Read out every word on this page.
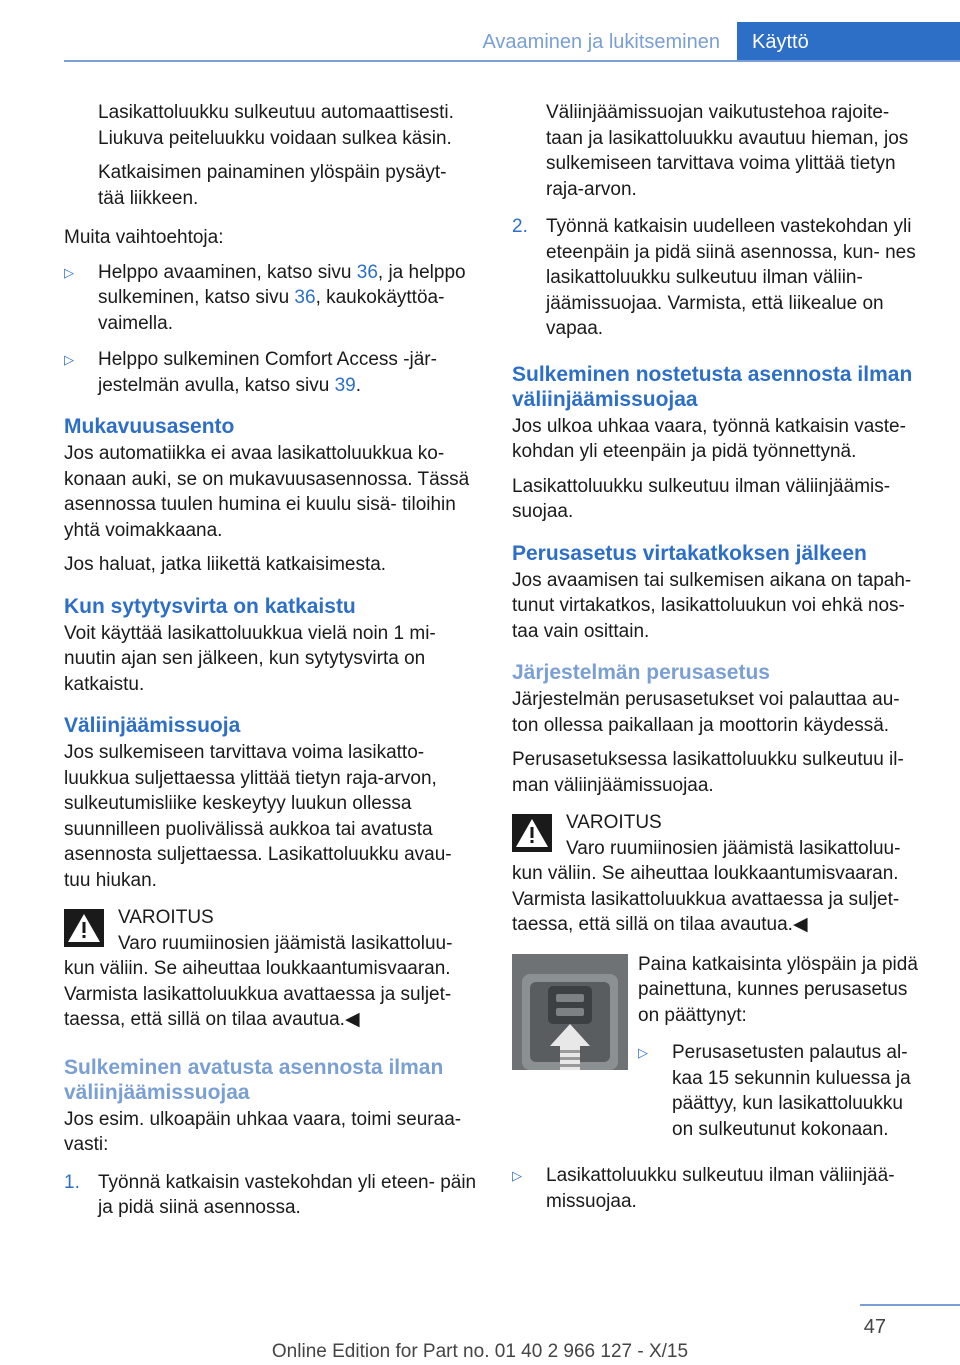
Avaaminen ja lukitseminen	Käyttö

Lasikattoluukku sulkeutuu automaattisesti. Liukuva peiteluukku voidaan sulkea käsin.

Katkaisimen painaminen ylöspäin pysäyt‐ tää liikkeen.

Muita vaihtoehtoja:

▷	Helppo avaaminen, katso sivu 36, ja helppo sulkeminen, katso sivu 36, kaukokäyttöa‐ vaimella.
▷	Helppo sulkeminen Comfort Access -jär‐ jestelmän avulla, katso sivu 39.
Mukavuusasento

Jos automatiikka ei avaa lasikattoluukkua ko‐ konaan auki, se on mukavuusasennossa. Tässä asennossa tuulen humina ei kuulu sisä‐ tiloihin yhtä voimakkaana.

Jos haluat, jatka liikettä katkaisimesta.

Kun sytytysvirta on katkaistu

Voit käyttää lasikattoluukkua vielä noin 1 mi‐ nuutin ajan sen jälkeen, kun sytytysvirta on katkaistu.

Väliinjäämissuoja

Jos sulkemiseen tarvittava voima lasikatto‐ luukkua suljettaessa ylittää tietyn raja-arvon, sulkeutumisliike keskeytyy luukun ollessa suunnilleen puolivälissä aukkoa tai avatusta asennosta suljettaessa. Lasikattoluukku avau‐ tuu hiukan.

VAROITUS
Varo ruumiinosien jäämistä lasikattoluu‐

kun väliin. Se aiheuttaa loukkaantumisvaaran. Varmista lasikattoluukkua avattaessa ja suljet‐ taessa, että sillä on tilaa avautua.◀

Sulkeminen avatusta asennosta ilman väliinjäämissuojaa

Jos esim. ulkoapäin uhkaa vaara, toimi seuraa‐ vasti:

1. Työnnä katkaisin vastekohdan yli eteen‐ päin ja pidä siinä asennossa.

Väliinjäämissuojan vaikutustehoa rajoite‐ taan ja lasikattoluukku avautuu hieman, jos sulkemiseen tarvittava voima ylittää tietyn raja-arvon.

2. Työnnä katkaisin uudelleen vastekohdan yli eteenpäin ja pidä siinä asennossa, kun‐ nes lasikattoluukku sulkeutuu ilman väliin‐ jäämissuojaa. Varmista, että liikealue on vapaa.
Sulkeminen nostetusta asennosta ilman väliinjäämissuojaa

Jos ulkoa uhkaa vaara, työnnä katkaisin vaste‐ kohdan yli eteenpäin ja pidä työnnettynä.

Lasikattoluukku sulkeutuu ilman väliinjäämis‐ suojaa.

Perusasetus virtakatkoksen jälkeen

Jos avaamisen tai sulkemisen aikana on tapah‐ tunut virtakatkos, lasikattoluukun voi ehkä nos‐ taa vain osittain.

Järjestelmän perusasetus

Järjestelmän perusasetukset voi palauttaa au‐ ton ollessa paikallaan ja moottorin käydessä.

Perusasetuksessa lasikattoluukku sulkeutuu il‐ man väliinjäämissuojaa.

VAROITUS
Varo ruumiinosien jäämistä lasikattoluu‐

kun väliin. Se aiheuttaa loukkaantumisvaaran. Varmista lasikattoluukkua avattaessa ja suljet‐ taessa, että sillä on tilaa avautua.◀

Paina katkaisinta ylöspäin ja pidä painettuna, kunnes perusasetus on päättynyt:

▷	Perusasetusten palautus al‐ kaa 15 sekunnin kuluessa ja päättyy, kun lasikattoluukku on sulkeutunut kokonaan.
▷	Lasikattoluukku sulkeutuu ilman väliinjää‐ missuojaa.
47
Online Edition for Part no. 01 40 2 966 127 - X/15
